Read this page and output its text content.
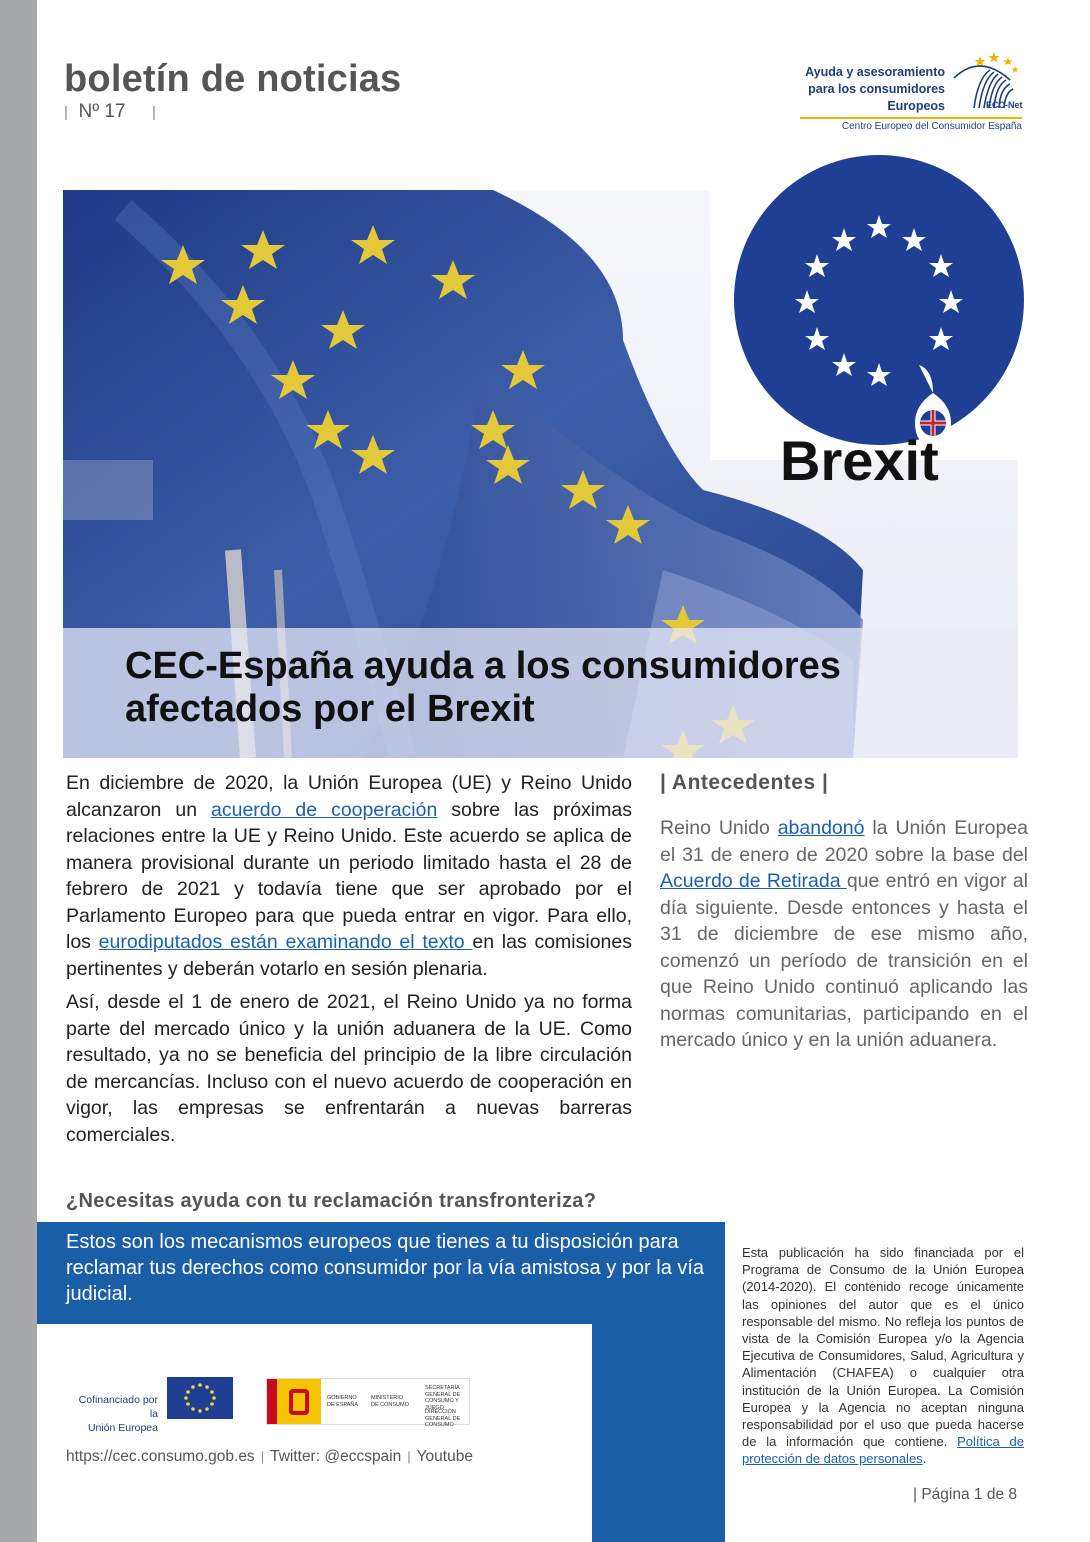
boletín de noticias
| Nº 17 |
Ayuda y asesoramiento
para los consumidores
Europeos	ECC-Net
Centro Europeo del Consumidor España
Brexit
CEC-España ayuda a los consumidores
afectados por el Brexit

En diciembre de 2020, la Unión Europea (UE) y Reino Unido alcanzaron un acuerdo de cooperación sobre las próximas relaciones entre la UE y Reino Unido. Este acuerdo se aplica de manera provisional durante un periodo limitado hasta el 28 de febrero de 2021 y todavía tiene que ser aprobado por el Parlamento Europeo para que pueda entrar en vigor. Para ello, los eurodiputados están examinando el texto en las comisiones pertinentes y deberán votarlo en sesión plenaria.

Así, desde el 1 de enero de 2021, el Reino Unido ya no forma parte del mercado único y la unión aduanera de la UE. Como resultado, ya no se beneficia del principio de la libre circulación de mercancías. Incluso con el nuevo acuerdo de cooperación en vigor, las empresas se enfrentarán a nuevas barreras comerciales.

| Antecedentes |

Reino Unido abandonó la Unión Europea el 31 de enero de 2020 sobre la base del Acuerdo de Retirada que entró en vigor al día siguiente. Desde entonces y hasta el 31 de diciembre de ese mismo año, comenzó un período de transición en el que Reino Unido continuó aplicando las normas comunitarias, participando en el mercado único y en la unión aduanera.

¿Necesitas ayuda con tu reclamación transfronteriza?
Estos son los mecanismos europeos que tienes a tu disposición para reclamar tus derechos como consumidor por la vía amistosa y por la vía judicial.
Esta publicación ha sido financiada por el Programa de Consumo de la Unión Europea (2014-2020). El contenido recoge únicamente las opiniones del autor que es el único responsable del mismo. No refleja los puntos de vista de la Comisión Europea y/o la Agencia Ejecutiva de Consumidores, Salud, Agricultura y Alimentación (CHAFEA) o cualquier otra institución de la Unión Europea. La Comisión Europea y la Agencia no aceptan ninguna responsabilidad por el uso que pueda hacerse de la información que contiene. Política de protección de datos personales.
Cofinanciado por la
Unión Europea
GOBIERNO DE ESPAÑA
MINISTERIO DE CONSUMO
SECRETARÍA GENERAL DE CONSUMO Y JUEGO
DIRECCIÓN GENERAL DE CONSUMO
https://cec.consumo.gob.es | Twitter: @eccspain | Youtube
| Página 1 de 8
